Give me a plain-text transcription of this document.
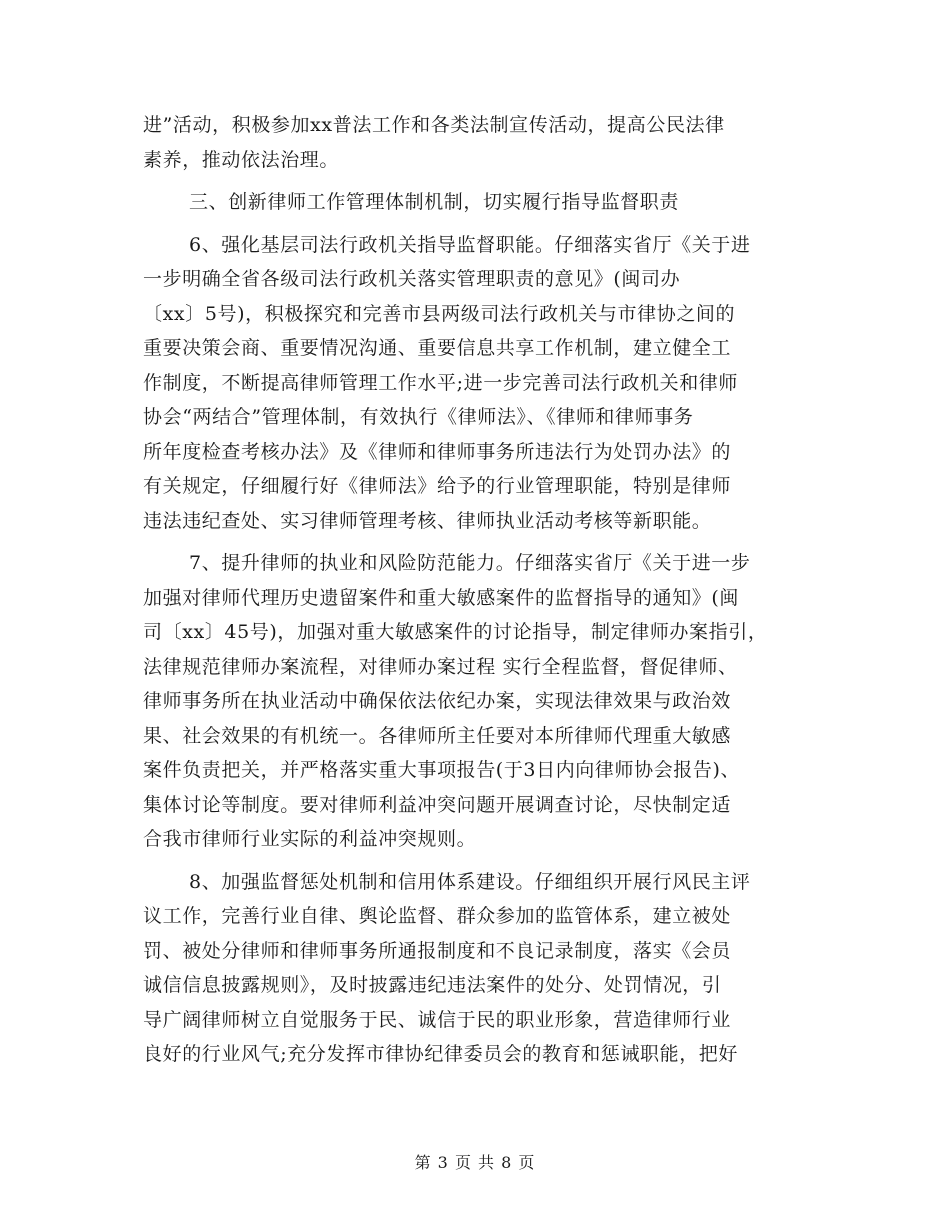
进”活动，积极参加xx普法工作和各类法制宣传活动，提高公民法律
素养，推动依法治理。
三、创新律师工作管理体制机制，切实履行指导监督职责
6、强化基层司法行政机关指导监督职能。仔细落实省厅《关于进
一步明确全省各级司法行政机关落实管理职责的意见》(闽司办
〔xx〕5号)，积极探究和完善市县两级司法行政机关与市律协之间的
重要决策会商、重要情况沟通、重要信息共享工作机制，建立健全工
作制度，不断提高律师管理工作水平;进一步完善司法行政机关和律师
协会“两结合”管理体制，有效执行《律师法》、《律师和律师事务
所年度检查考核办法》及《律师和律师事务所违法行为处罚办法》的
有关规定，仔细履行好《律师法》给予的行业管理职能，特别是律师
违法违纪查处、实习律师管理考核、律师执业活动考核等新职能。
7、提升律师的执业和风险防范能力。仔细落实省厅《关于进一步
加强对律师代理历史遗留案件和重大敏感案件的监督指导的通知》(闽
司〔xx〕45号)，加强对重大敏感案件的讨论指导，制定律师办案指引，
法律规范律师办案流程，对律师办案过程 实行全程监督，督促律师、
律师事务所在执业活动中确保依法依纪办案，实现法律效果与政治效
果、社会效果的有机统一。各律师所主任要对本所律师代理重大敏感
案件负责把关，并严格落实重大事项报告(于3日内向律师协会报告)、
集体讨论等制度。要对律师利益冲突问题开展调查讨论，尽快制定适
合我市律师行业实际的利益冲突规则。
8、加强监督惩处机制和信用体系建设。仔细组织开展行风民主评
议工作，完善行业自律、舆论监督、群众参加的监管体系，建立被处
罚、被处分律师和律师事务所通报制度和不良记录制度，落实《会员
诚信信息披露规则》，及时披露违纪违法案件的处分、处罚情况，引
导广阔律师树立自觉服务于民、诚信于民的职业形象，营造律师行业
良好的行业风气;充分发挥市律协纪律委员会的教育和惩诫职能，把好
第 3 页 共 8 页
